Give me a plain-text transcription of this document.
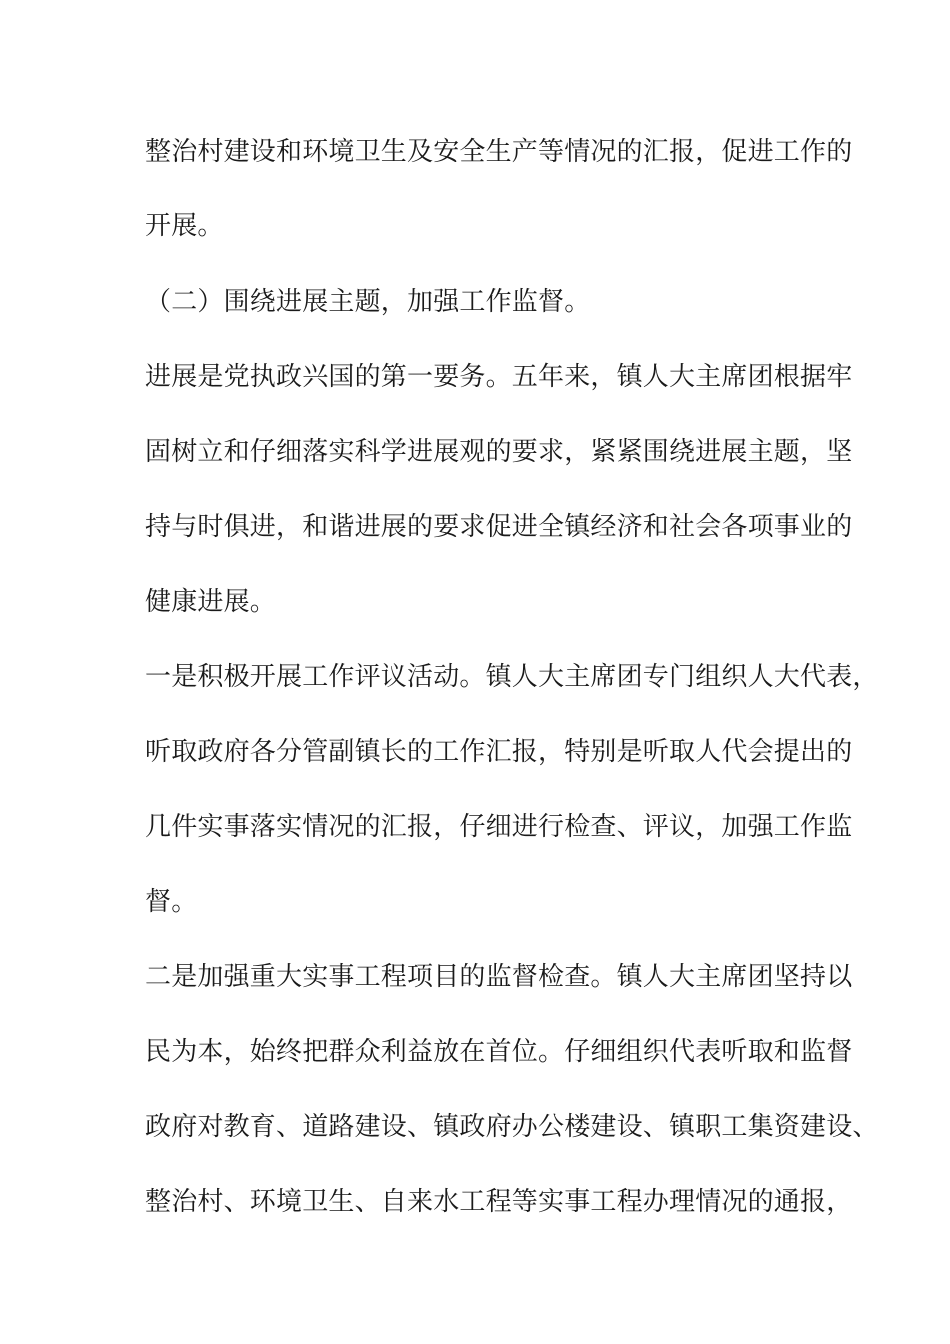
整治村建设和环境卫生及安全生产等情况的汇报，促进工作的

开展。

（二）围绕进展主题，加强工作监督。

进展是党执政兴国的第一要务。五年来，镇人大主席团根据牢

固树立和仔细落实科学进展观的要求，紧紧围绕进展主题，坚

持与时俱进，和谐进展的要求促进全镇经济和社会各项事业的

健康进展。

一是积极开展工作评议活动。镇人大主席团专门组织人大代表，

听取政府各分管副镇长的工作汇报，特别是听取人代会提出的

几件实事落实情况的汇报，仔细进行检查、评议，加强工作监

督。

二是加强重大实事工程项目的监督检查。镇人大主席团坚持以

民为本，始终把群众利益放在首位。仔细组织代表听取和监督

政府对教育、道路建设、镇政府办公楼建设、镇职工集资建设、

整治村、环境卫生、自来水工程等实事工程办理情况的通报，
